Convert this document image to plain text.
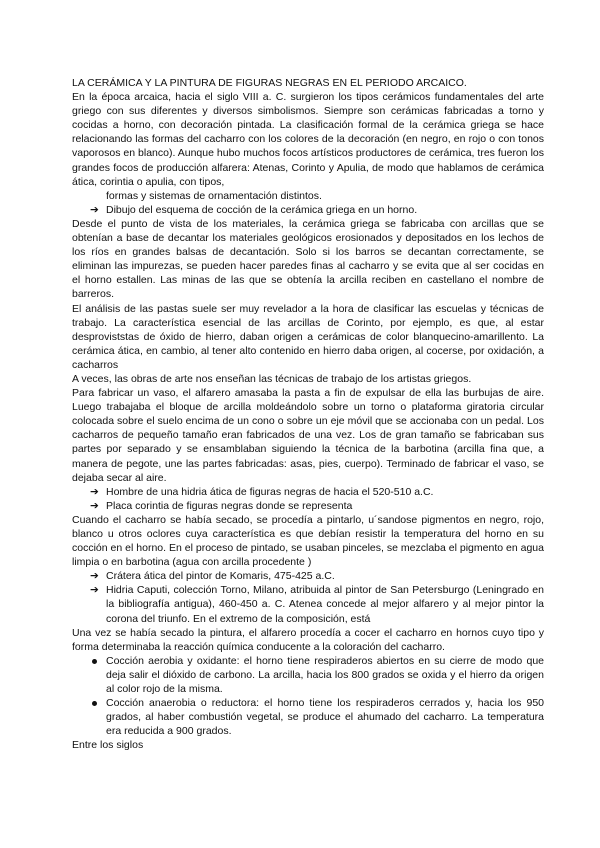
LA CERÁMICA Y LA PINTURA DE FIGURAS NEGRAS EN EL PERIODO ARCAICO.

En la época arcaica, hacia el siglo VIII a. C. surgieron los tipos cerámicos fundamentales del arte griego con sus diferentes y diversos simbolismos. Siempre son cerámicas fabricadas a torno y cocidas a horno, con decoración pintada. La clasificación formal de la cerámica griega se hace relacionando las formas del cacharro con los colores de la decoración (en negro, en rojo o con tonos vaporosos en blanco). Aunque hubo muchos focos artísticos productores de cerámica, tres fueron los grandes focos de producción alfarera: Atenas, Corinto y Apulia, de modo que hablamos de cerámica ática, corintia o apulia, con tipos,

formas y sistemas de ornamentación distintos.

➔ Dibujo del esquema de cocción de la cerámica griega en un horno.

Desde el punto de vista de los materiales, la cerámica griega se fabricaba con arcillas que se obtenían a base de decantar los materiales geológicos erosionados y depositados en los lechos de los ríos en grandes balsas de decantación. Solo si los barros se decantan correctamente, se eliminan las impurezas, se pueden hacer paredes finas al cacharro y se evita que al ser cocidas en el horno estallen. Las minas de las que se obtenía la arcilla reciben en castellano el nombre de barreros.

El análisis de las pastas suele ser muy revelador a la hora de clasificar las escuelas y técnicas de trabajo. La característica esencial de las arcillas de Corinto, por ejemplo, es que, al estar desproviststas de óxido de hierro, daban origen a cerámicas de color blanquecino-amarillento. La cerámica ática, en cambio, al tener alto contenido en hierro daba origen, al cocerse, por oxidación, a cacharros

A veces, las obras de arte nos enseñan las técnicas de trabajo de los artistas griegos.

Para fabricar un vaso, el alfarero amasaba la pasta a fin de expulsar de ella las burbujas de aire. Luego trabajaba el bloque de arcilla moldeándolo sobre un torno o plataforma giratoria circular colocada sobre el suelo encima de un cono o sobre un eje móvil que se accionaba con un pedal. Los cacharros de pequeño tamaño eran fabricados de una vez. Los de gran tamaño se fabricaban sus partes por separado y se ensamblaban siguiendo la técnica de la barbotina (arcilla fina que, a manera de pegote, une las partes fabricadas: asas, pies, cuerpo). Terminado de fabricar el vaso, se dejaba secar al aire.

➔ Hombre de una hidria ática de figuras negras de hacia el 520-510 a.C.

➔ Placa corintia de figuras negras donde se representa

Cuando el cacharro se había secado, se procedía a pintarlo, u´sandose pigmentos en negro, rojo, blanco u otros oclores cuya característica es que debían resistir la temperatura del horno en su cocción en el horno. En el proceso de pintado, se usaban pinceles, se mezclaba el pigmento en agua limpia o en barbotina (agua con arcilla procedente )

➔ Crátera ática del pintor de Komaris, 475-425 a.C.

➔ Hidria Caputi, colección Torno, Milano, atribuida al pintor de San Petersburgo (Leningrado en la bibliografía antigua), 460-450 a. C. Atenea concede al mejor alfarero y al mejor pintor la corona del triunfo. En el extremo de la composición, está

Una vez se había secado la pintura, el alfarero procedía a cocer el cacharro en hornos cuyo tipo y forma determinaba la reacción química conducente a la coloración del cacharro.

Cocción aerobia y oxidante: el horno tiene respiraderos abiertos en su cierre de modo que deja salir el dióxido de carbono. La arcilla, hacia los 800 grados se oxida y el hierro da origen al color rojo de la misma.

Cocción anaerobia o reductora: el horno tiene los respiraderos cerrados y, hacia los 950 grados, al haber combustión vegetal, se produce el ahumado del cacharro. La temperatura era reducida a 900 grados.

Entre los siglos
